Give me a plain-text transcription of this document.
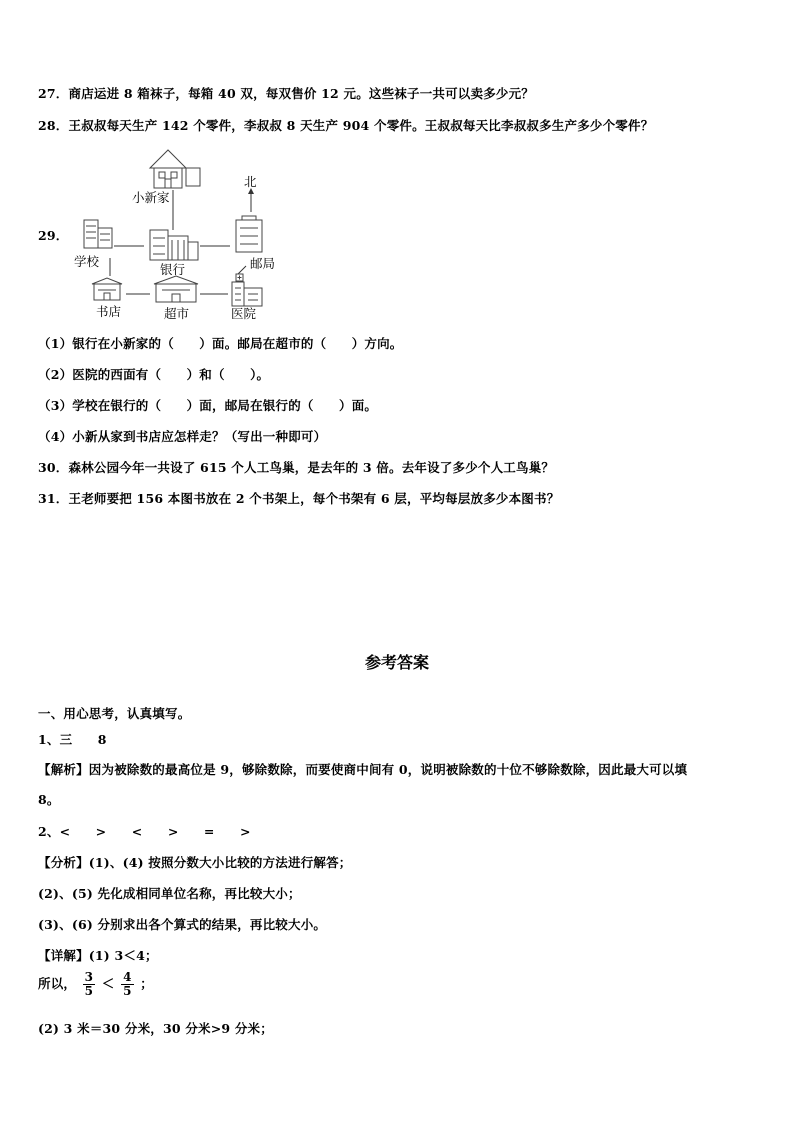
27．商店运进 8 箱袜子，每箱 40 双，每双售价 12 元。这些袜子一共可以卖多少元？
28．王叔叔每天生产 142 个零件，李叔叔 8 天生产 904 个零件。王叔叔每天比李叔叔多生产多少个零件？
29．
北
小新家
学校
银行	邮局
书店	超市	医院
（1）银行在小新家的（　　）面。邮局在超市的（　　）方向。
（2）医院的西面有（　　）和（　　）。
（3）学校在银行的（　　）面，邮局在银行的（　　）面。
（4）小新从家到书店应怎样走？（写出一种即可）
30．森林公园今年一共设了 615 个人工鸟巢，是去年的 3 倍。去年设了多少个人工鸟巢？
31．王老师要把 156 本图书放在 2 个书架上，每个书架有 6 层，平均每层放多少本图书？
参考答案
一、用心思考，认真填写。
1、三　　8
【解析】因为被除数的最高位是 9，够除数除，而要使商中间有 0，说明被除数的十位不够除数除，因此最大可以填
8。
2、<　　>　　<　　>　　=　　>
【分析】(1)、(4) 按照分数大小比较的方法进行解答；
(2)、(5) 先化成相同单位名称，再比较大小；
(3)、(6) 分别求出各个算式的结果，再比较大小。
【详解】(1) 3＜4；
所以， $\frac{3}{5} < \frac{4}{5}$ ；
(2) 3 米＝30 分米，30 分米>9 分米；
